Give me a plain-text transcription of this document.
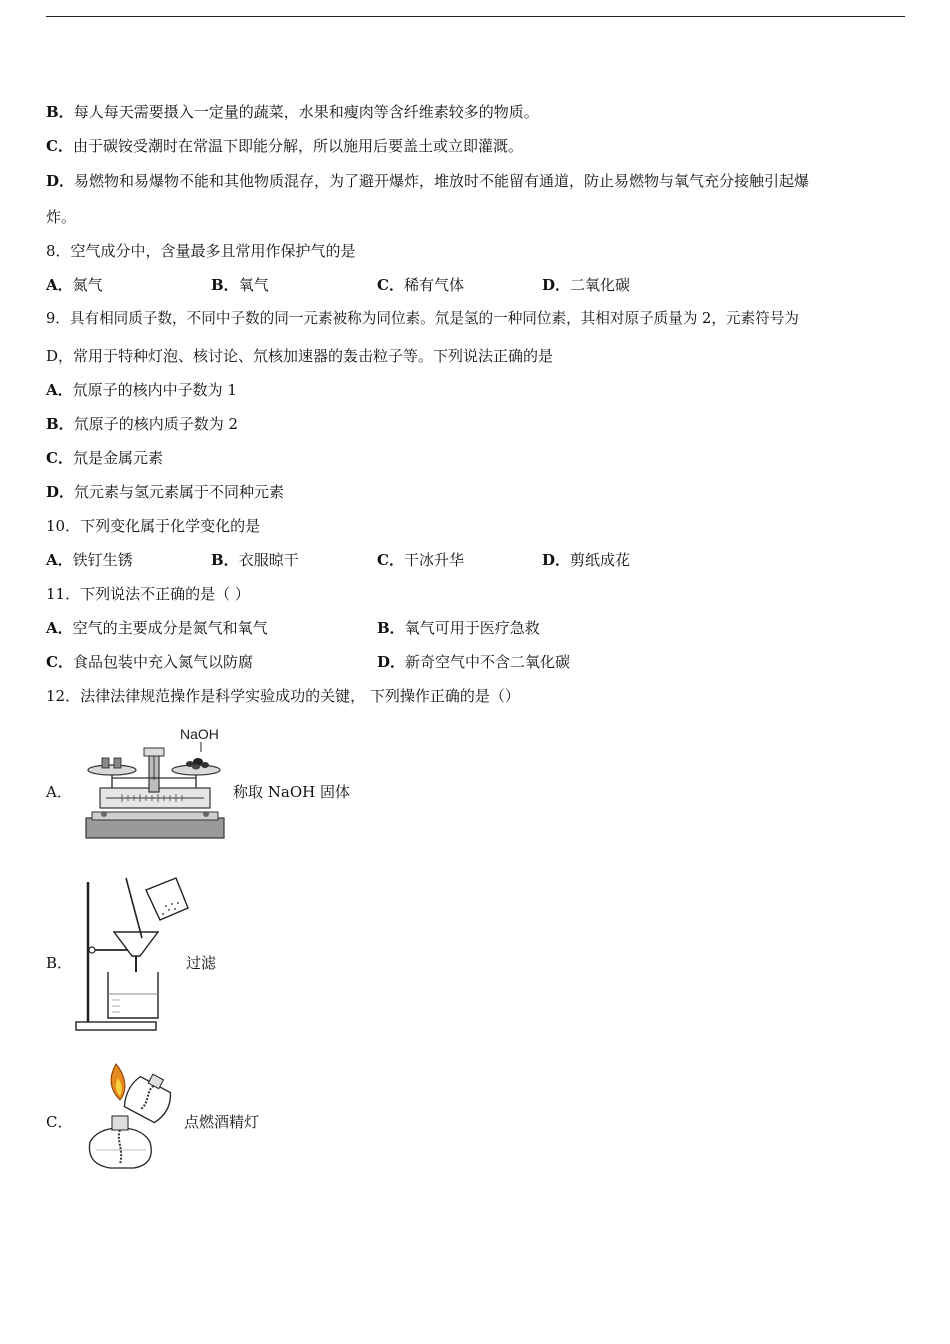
B．每人每天需要摄入一定量的蔬菜，水果和瘦肉等含纤维素较多的物质。
C．由于碳铵受潮时在常温下即能分解，所以施用后要盖土或立即灌溉。
D．易燃物和易爆物不能和其他物质混存，为了避开爆炸，堆放时不能留有通道，防止易燃物与氧气充分接触引起爆
炸。
8．空气成分中，含量最多且常用作保护气的是
A．氮气	B．氧气	C．稀有气体	D．二氧化碳
9．具有相同质子数，不同中子数的同一元素被称为同位素。氘是氢的一种同位素，其相对原子质量为 2，元素符号为
D，常用于特种灯泡、核讨论、氘核加速器的轰击粒子等。下列说法正确的是
A．氘原子的核内中子数为 1
B．氘原子的核内质子数为 2
C．氘是金属元素
D．氘元素与氢元素属于不同种元素
10．下列变化属于化学变化的是
A．铁钉生锈	B．衣服晾干	C．干冰升华	D．剪纸成花
11．下列说法不正确的是（ ）
A．空气的主要成分是氮气和氧气	B．氧气可用于医疗急救
C．食品包装中充入氮气以防腐	D．新奇空气中不含二氧化碳
12．法律法律规范操作是科学实验成功的关键， 下列操作正确的是（）
A．
NaOH
称取 NaOH 固体
B．	过滤
C．	点燃酒精灯
